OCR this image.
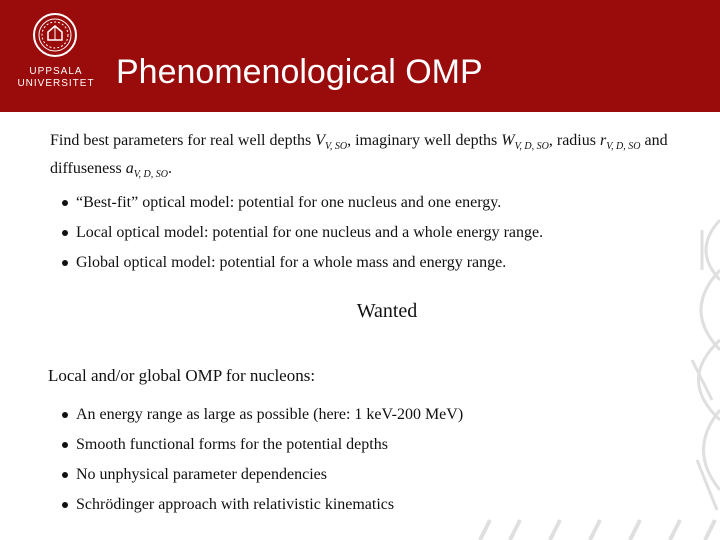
UPPSALA
UNIVERSITET Phenomenological OMP
Find best parameters for real well depths $V_{V, SO}$, imaginary well depths $W_{V, D, SO}$, radius $r_{V, D, SO}$ and diffuseness $a_{V, D, SO}$.
“Best-fit” optical model: potential for one nucleus and one energy.
Local optical model: potential for one nucleus and a whole energy range.
Global optical model: potential for a whole mass and energy range.
Wanted
Local and/or global OMP for nucleons:
An energy range as large as possible (here: 1 keV-200 MeV)
Smooth functional forms for the potential depths
No unphysical parameter dependencies
Schrödinger approach with relativistic kinematics
